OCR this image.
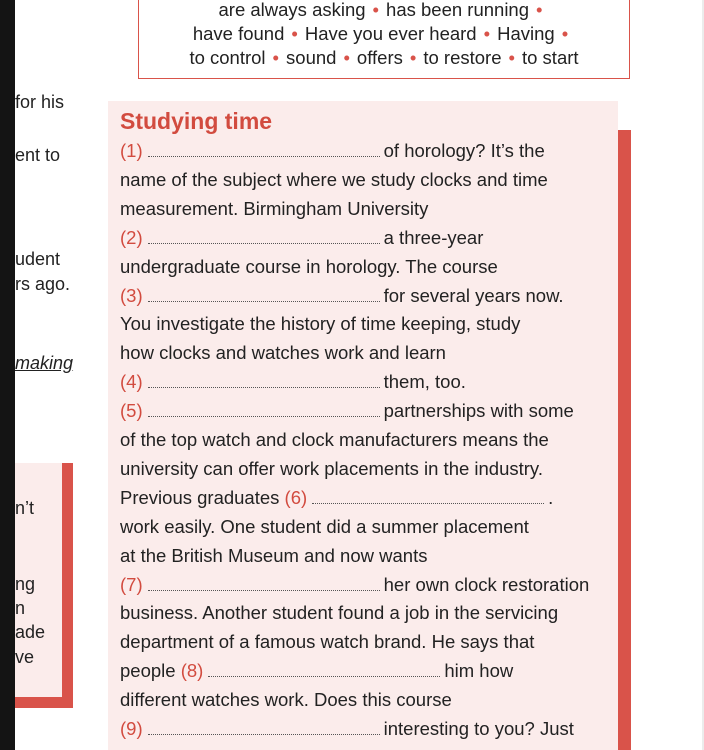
for his
ent to
udent
rs ago.
making
n’t
ng
n
ade
ve
are always asking • has been running •
have found • Have you ever heard • Having •
to control • sound • offers • to restore • to start
Studying time
(1)	of horology? It’s the
name of the subject where we study clocks and time
measurement. Birmingham University
(2)	a three-year
undergraduate course in horology. The course
(3)	for several years now.
You investigate the history of time keeping, study
how clocks and watches work and learn
(4)	them, too.
(5)	partnerships with some
of the top watch and clock manufacturers means the
university can offer work placements in the industry.
Previous graduates (6)	.
work easily. One student did a summer placement
at the British Museum and now wants
(7)	her own clock restoration
business. Another student found a job in the servicing
department of a famous watch brand. He says that
people (8)	him how
different watches work. Does this course
(9)	interesting to you? Just
